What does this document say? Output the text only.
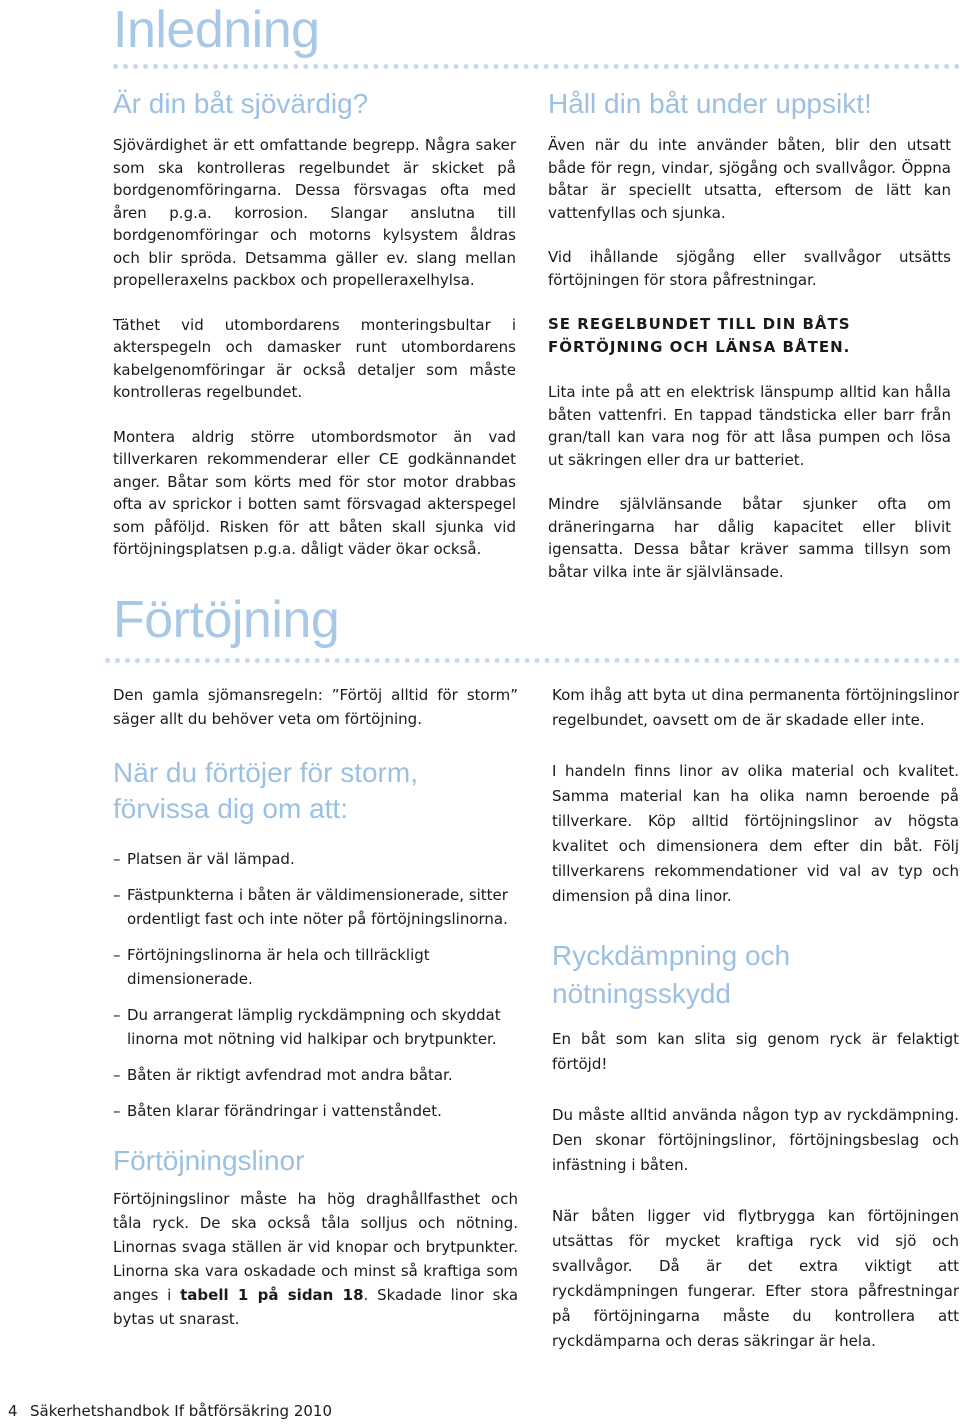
Inledning
Är din båt sjövärdig?

Sjövärdighet är ett omfattande begrepp. Några saker som ska kontrolleras regelbundet är skicket på bordgenomföringarna. Dessa försvagas ofta med åren p.g.a. korrosion. Slangar anslutna till bordgenomföringar och motorns kylsystem åldras och blir spröda. Detsamma gäller ev. slang mellan propelleraxelns packbox och propelleraxelhylsa.

Täthet vid utombordarens monteringsbultar i akterspegeln och damasker runt utombordarens kabelgenomföringar är också detaljer som måste kontrolleras regelbundet.

Montera aldrig större utombordsmotor än vad tillverkaren rekommenderar eller CE godkännandet anger. Båtar som körts med för stor motor drabbas ofta av sprickor i botten samt försvagad akterspegel som påföljd. Risken för att båten skall sjunka vid förtöjningsplatsen p.g.a. dåligt väder ökar också.

Håll din båt under uppsikt!

Även när du inte använder båten, blir den utsatt både för regn, vindar, sjögång och svallvågor. Öppna båtar är speciellt utsatta, eftersom de lätt kan vattenfyllas och sjunka.

Vid ihållande sjögång eller svallvågor utsätts förtöjningen för stora påfrestningar.

SE REGELBUNDET TILL DIN BÅTS FÖRTÖJNING OCH LÄNSA BÅTEN.

Lita inte på att en elektrisk länspump alltid kan hålla båten vattenfri. En tappad tändsticka eller barr från gran/tall kan vara nog för att låsa pumpen och lösa ut säkringen eller dra ur batteriet.

Mindre självlänsande båtar sjunker ofta om dräneringarna har dålig kapacitet eller blivit igensatta. Dessa båtar kräver samma tillsyn som båtar vilka inte är självlänsade.

Förtöjning

Den gamla sjömansregeln: ”Förtöj alltid för storm” säger allt du behöver veta om förtöjning.

När du förtöjer för storm, förvissa dig om att:
– Platsen är väl lämpad.
– Fästpunkterna i båten är väldimensionerade, sitter ordentligt fast och inte nöter på förtöjningslinorna.
– Förtöjningslinorna är hela och tillräckligt dimensionerade.
– Du arrangerat lämplig ryckdämpning och skyddat linorna mot nötning vid halkipar och brytpunkter.
– Båten är riktigt avfendrad mot andra båtar.
– Båten klarar förändringar i vattenståndet.
Förtöjningslinor

Förtöjningslinor måste ha hög draghållfasthet och tåla ryck. De ska också tåla solljus och nötning. Linornas svaga ställen är vid knopar och brytpunkter. Linorna ska vara oskadade och minst så kraftiga som anges i tabell 1 på sidan 18. Skadade linor ska bytas ut snarast.

Kom ihåg att byta ut dina permanenta förtöjningslinor regelbundet, oavsett om de är skadade eller inte.

I handeln finns linor av olika material och kvalitet. Samma material kan ha olika namn beroende på tillverkare. Köp alltid förtöjningslinor av högsta kvalitet och dimensionera dem efter din båt. Följ tillverkarens rekommendationer vid val av typ och dimension på dina linor.

Ryckdämpning och nötningsskydd

En båt som kan slita sig genom ryck är felaktigt förtöjd!

Du måste alltid använda någon typ av ryckdämpning. Den skonar förtöjningslinor, förtöjningsbeslag och infästning i båten.

När båten ligger vid flytbrygga kan förtöjningen utsättas för mycket kraftiga ryck vid sjö och svallvågor. Då är det extra viktigt att ryckdämpningen fungerar. Efter stora påfrestningar på förtöjningarna måste du kontrollera att ryckdämparna och deras säkringar är hela.

4 Säkerhetshandbok If båtförsäkring 2010
